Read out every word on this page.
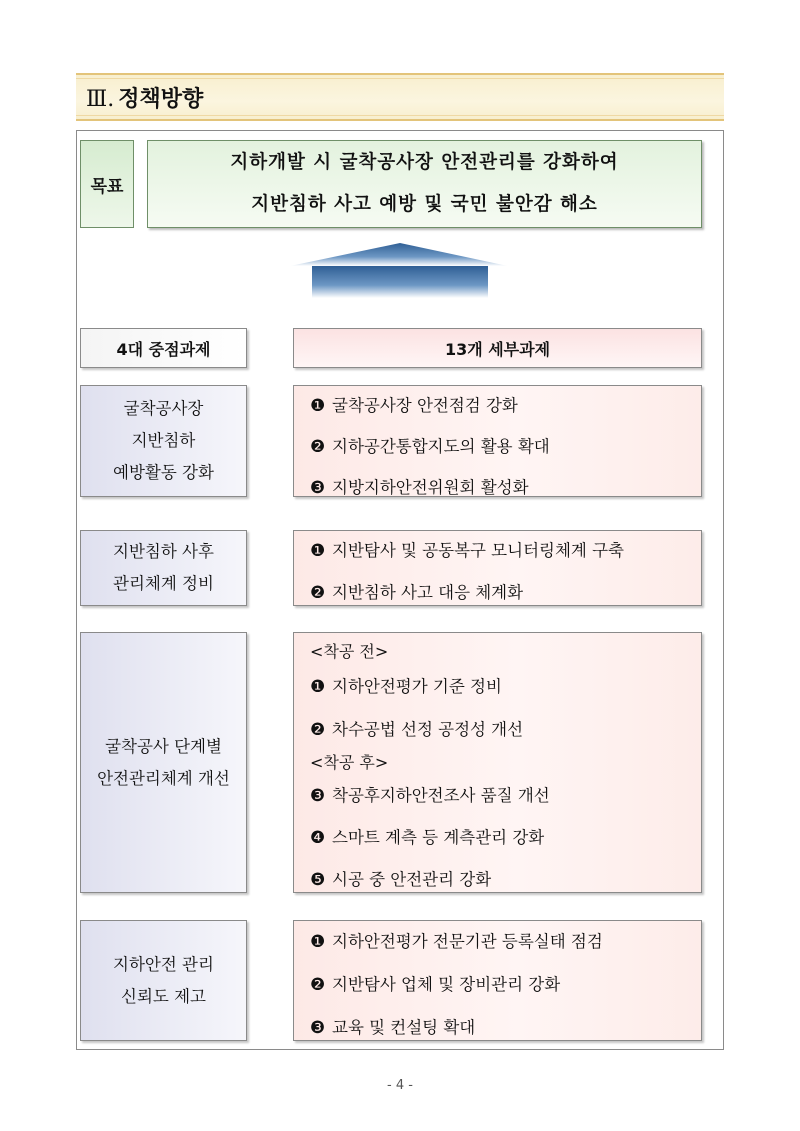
Ⅲ. 정책방향
목표
지하개발 시 굴착공사장 안전관리를 강화하여
지반침하 사고 예방 및 국민 불안감 해소
4대 중점과제	13개 세부과제
굴착공사장
지반침하
예방활동 강화
❶ 굴착공사장 안전점검 강화
❷ 지하공간통합지도의 활용 확대
❸ 지방지하안전위원회 활성화
지반침하 사후
관리체계 정비
❶ 지반탐사 및 공동복구 모니터링체계 구축
❷ 지반침하 사고 대응 체계화
굴착공사 단계별
안전관리체계 개선
<착공 전>
❶ 지하안전평가 기준 정비
❷ 차수공법 선정 공정성 개선
<착공 후>
❸ 착공후지하안전조사 품질 개선
❹ 스마트 계측 등 계측관리 강화
❺ 시공 중 안전관리 강화
지하안전 관리
신뢰도 제고
❶ 지하안전평가 전문기관 등록실태 점검
❷ 지반탐사 업체 및 장비관리 강화
❸ 교육 및 컨설팅 확대
- 4 -
